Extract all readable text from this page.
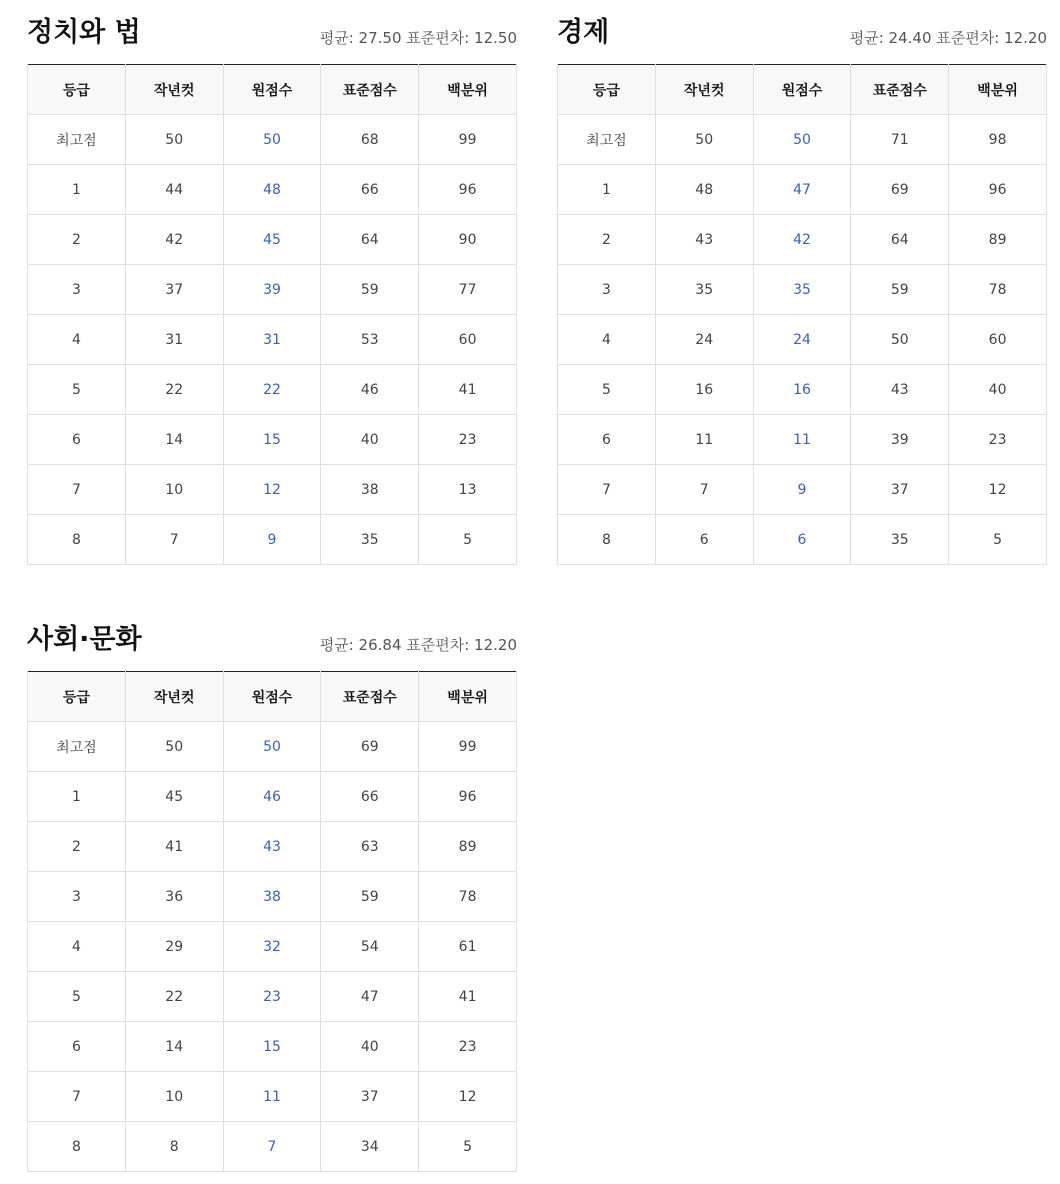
정치와 법	평균: 27.50 표준편차: 12.50
등급	작년컷	원점수	표준점수	백분위
최고점	50	50	68	99
1	44	48	66	96
2	42	45	64	90
3	37	39	59	77
4	31	31	53	60
5	22	22	46	41
6	14	15	40	23
7	10	12	38	13
8	7	9	35	5
경제	평균: 24.40 표준편차: 12.20
등급	작년컷	원점수	표준점수	백분위
최고점	50	50	71	98
1	48	47	69	96
2	43	42	64	89
3	35	35	59	78
4	24	24	50	60
5	16	16	43	40
6	11	11	39	23
7	7	9	37	12
8	6	6	35	5
사회·문화	평균: 26.84 표준편차: 12.20
등급	작년컷	원점수	표준점수	백분위
최고점	50	50	69	99
1	45	46	66	96
2	41	43	63	89
3	36	38	59	78
4	29	32	54	61
5	22	23	47	41
6	14	15	40	23
7	10	11	37	12
8	8	7	34	5
